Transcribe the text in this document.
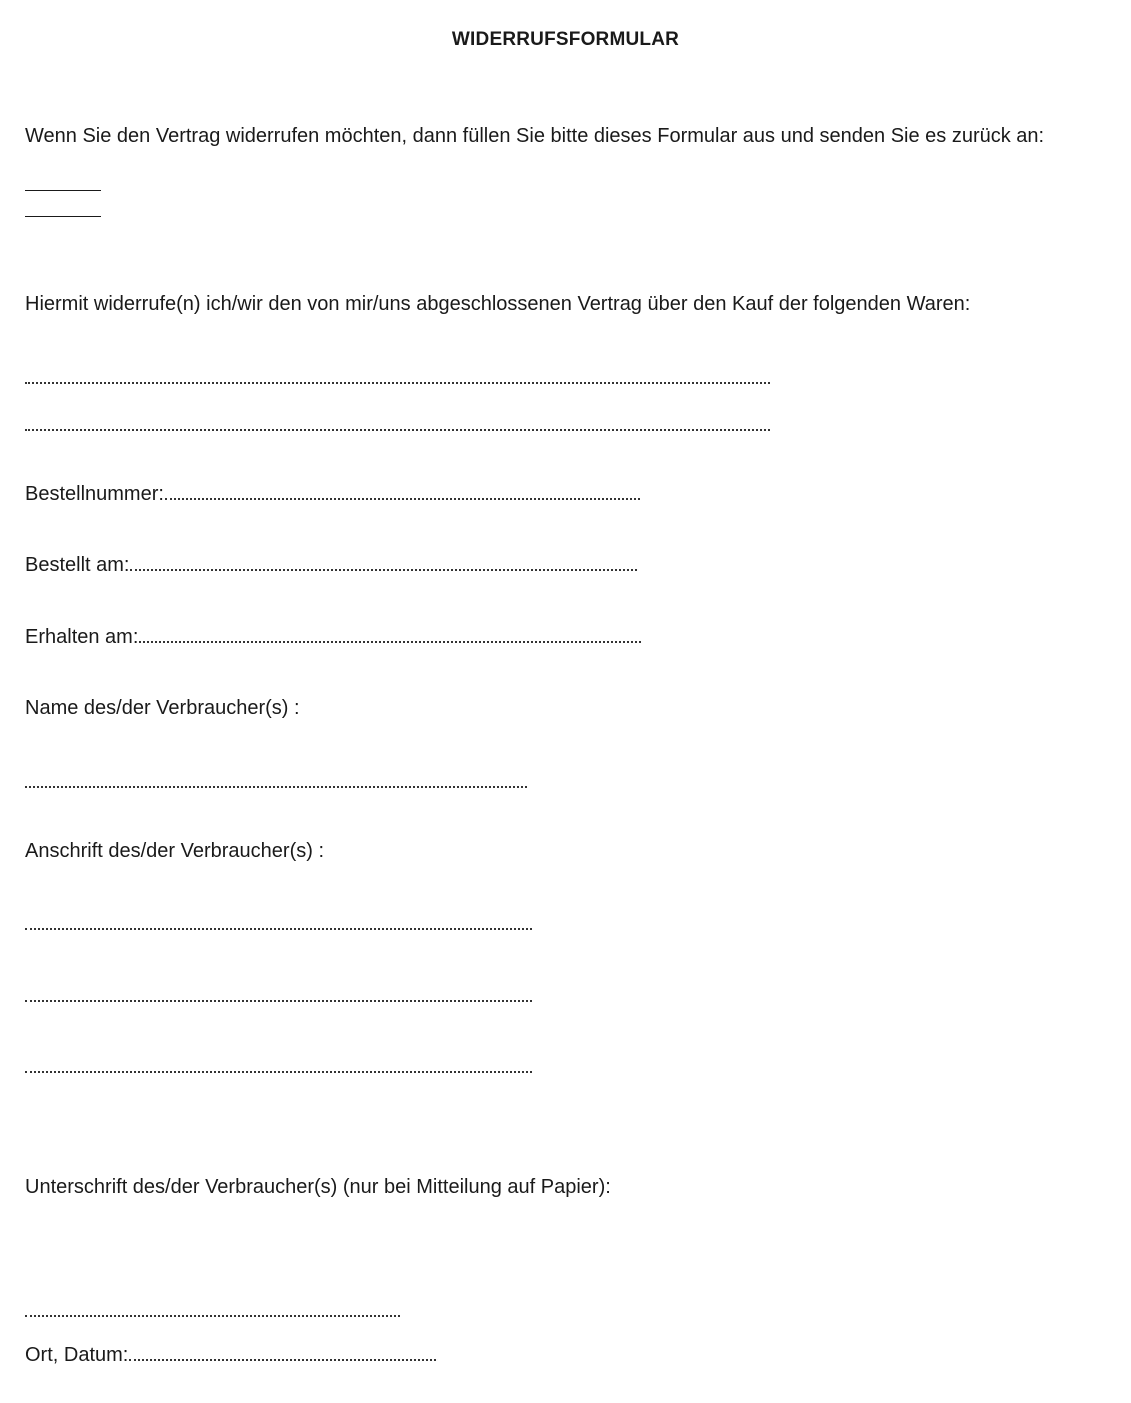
WIDERRUFSFORMULAR
Wenn Sie den Vertrag widerrufen möchten, dann füllen Sie bitte dieses Formular aus und senden Sie es zurück an:
Hiermit widerrufe(n) ich/wir den von mir/uns abgeschlossenen Vertrag über den Kauf der folgenden Waren:
Bestellnummer:
Bestellt am:
Erhalten am:
Name des/der Verbraucher(s) :
Anschrift des/der Verbraucher(s) :
Unterschrift des/der Verbraucher(s) (nur bei Mitteilung auf Papier):
Ort, Datum:
